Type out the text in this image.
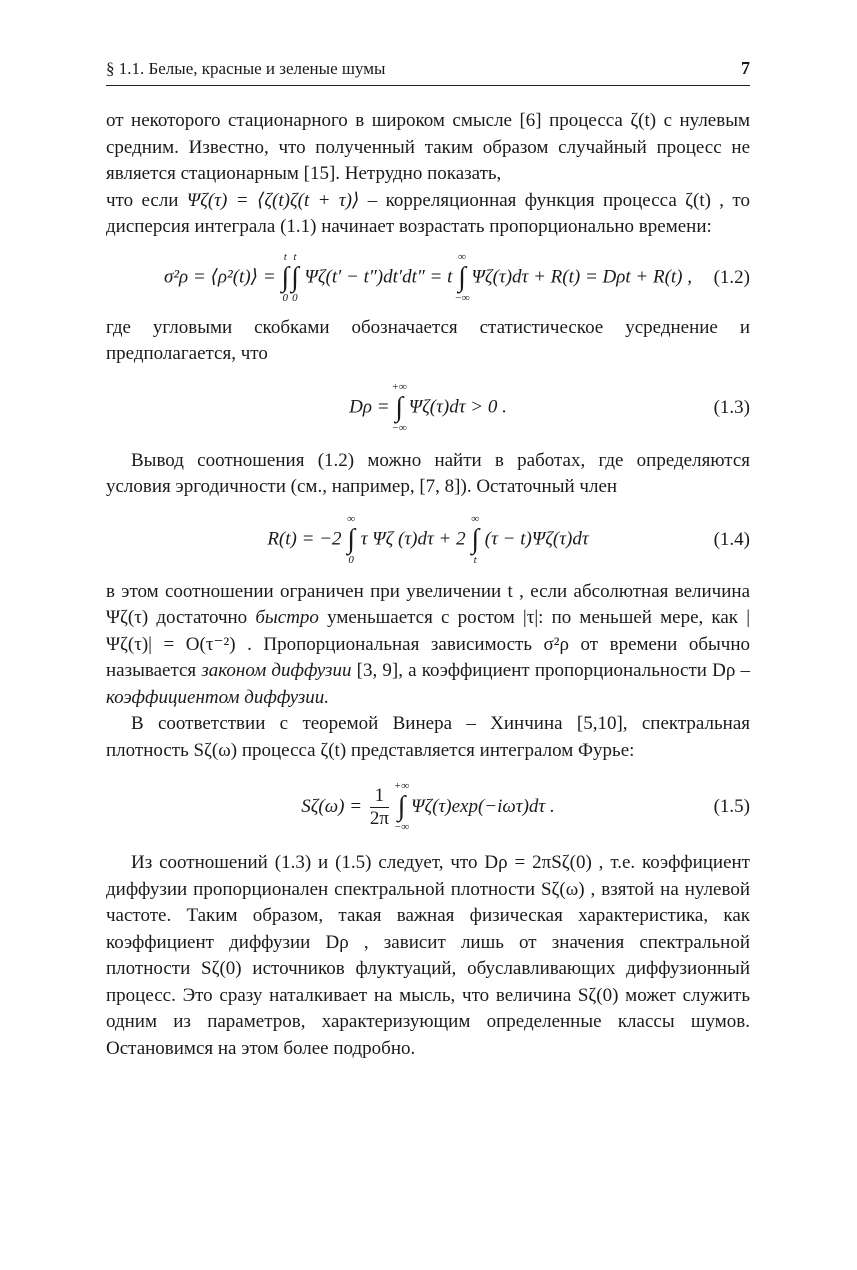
§ 1.1. Белые, красные и зеленые шумы	7

от некоторого стационарного в широком смысле [6] процесса ζ(t) с нулевым средним. Известно, что полученный таким образом случайный процесс не является стационарным [15]. Нетрудно показать,

что если Ψζ(τ) = ⟨ζ(t)ζ(t + τ)⟩ – корреляционная функция процесса ζ(t) , то дисперсия интеграла (1.1) начинает возрастать пропорционально времени:

σ²ρ = ⟨ρ²(t)⟩ = ∫
t
0
∫
t
0
Ψζ(t′ − t″)dt′dt″ = t ∫
∞
−∞
Ψζ(τ)dτ + R(t) = Dρt + R(t) ,	(1.2)

где угловыми скобками обозначается статистическое усреднение и предполагается, что

Dρ = ∫
+∞
−∞
Ψζ(τ)dτ > 0 .	(1.3)

Вывод соотношения (1.2) можно найти в работах, где определяются условия эргодичности (см., например, [7, 8]). Остаточный член

R(t) = −2 ∫
∞
0
τ Ψζ (τ)dτ + 2 ∫
∞
t
(τ − t)Ψζ(τ)dτ	(1.4)

в этом соотношении ограничен при увеличении t , если абсолютная величина Ψζ(τ) достаточно быстро уменьшается с ростом |τ|: по меньшей мере, как |Ψζ(τ)| = O(τ⁻²) . Пропорциональная зависимость σ²ρ от времени обычно называется законом диффузии [3, 9], а коэффициент пропорциональности Dρ – коэффициентом диффузии.

В соответствии с теоремой Винера – Хинчина [5,10], спектральная плотность Sζ(ω) процесса ζ(t) представляется интегралом Фурье:

$S\zeta(\omega) = \frac{1}{2\pi}$ ∫
+∞
−∞
Ψζ(τ)exp(−iωτ)dτ .	(1.5)

Из соотношений (1.3) и (1.5) следует, что Dρ = 2πSζ(0) , т.е. коэффициент диффузии пропорционален спектральной плотности Sζ(ω) , взятой на нулевой частоте. Таким образом, такая важная физическая характеристика, как коэффициент диффузии Dρ , зависит лишь от значения спектральной плотности Sζ(0) источников флуктуаций, обуславливающих диффузионный процесс. Это сразу наталкивает на мысль, что величина Sζ(0) может служить одним из параметров, характеризующим определенные классы шумов. Остановимся на этом более подробно.
